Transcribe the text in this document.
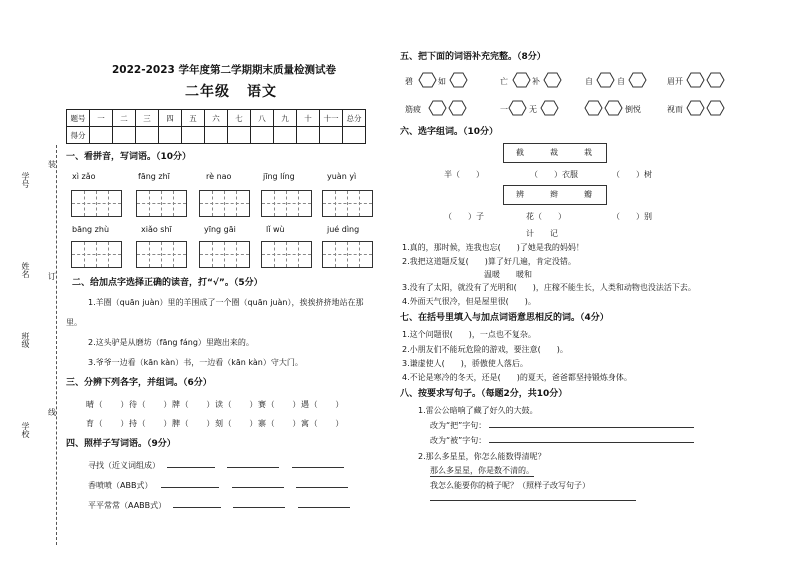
学号
姓名
班级
学校
装
订
线
2022-2023 学年度第二学期期末质量检测试卷
二年级 语文
题号	一	二	三	四	五	六	七	八	九	十	十一	总分
得分												
一、看拼音，写词语。（10分）
xì zǎo	fāng zhī	rè nao	jīng líng	yuàn yì
bāng zhù	xiǎo shī	yīng gāi	lǐ wù	jué dìng
二、给加点字选择正确的读音，打“√”。（5分）
1.羊圈（quān juàn）里的羊围成了一个圈（quān juàn），挨挨挤挤地站在那
里。
2.这头驴是从磨坊（fāng fáng）里跑出来的。
3.爷爷一边看（kān kàn）书，一边看（kān kàn）守大门。
三、分辨下列各字，并组词。（6分）
晴（　　）待（　　）牌（　　）读（　　）赛（　　）遇（　　）
育（　　）持（　　）脾（　　）刻（　　）寨（　　）寓（　　）
四、照样子写词语。（9分）
寻找（近义词组成）
香喷喷（ABB式）
平平常常（AABB式）
五、把下面的词语补充完整。（8分）
碧	如	亡	补	自	自	眉开
筋疲	一	无	倒悦	视而
六、选字组词。（10分）
截	裁	栽
半（　　）	（　　）衣服	（　　）树
辨	辫	瓣
（　　）子	花（　　）	（　　）别
计　　记
1.真的，那时候，连我也忘(　　)了她是我的妈妈！
2.我把这道题反复(　　)算了好几遍，肯定没错。
温暖　　暖和
3.没有了太阳，就没有了光明和(　　)，庄稼不能生长，人类和动物也没法活下去。
4.外面天气很冷，但是屋里很(　　)。
七、在括号里填入与加点词语意思相反的词。（4分）
1.这个问题很(　　)，一点也不复杂。
2.小朋友们不能玩危险的游戏，要注意(　　)。
3.谦虚使人(　　)，骄傲使人落后。
4.不论是寒冷的冬天，还是(　　)的夏天，爸爸都坚持锻炼身体。
八、按要求写句子。（每题2分，共10分）
1.雷公公暗响了藏了好久的大鼓。
改为“把”字句：
改为“被”字句：
2.那么多星星，你怎么能数得清呢？
那么多星星，你是数不清的。
我怎么能要你的椅子呢？（照样子改写句子）
